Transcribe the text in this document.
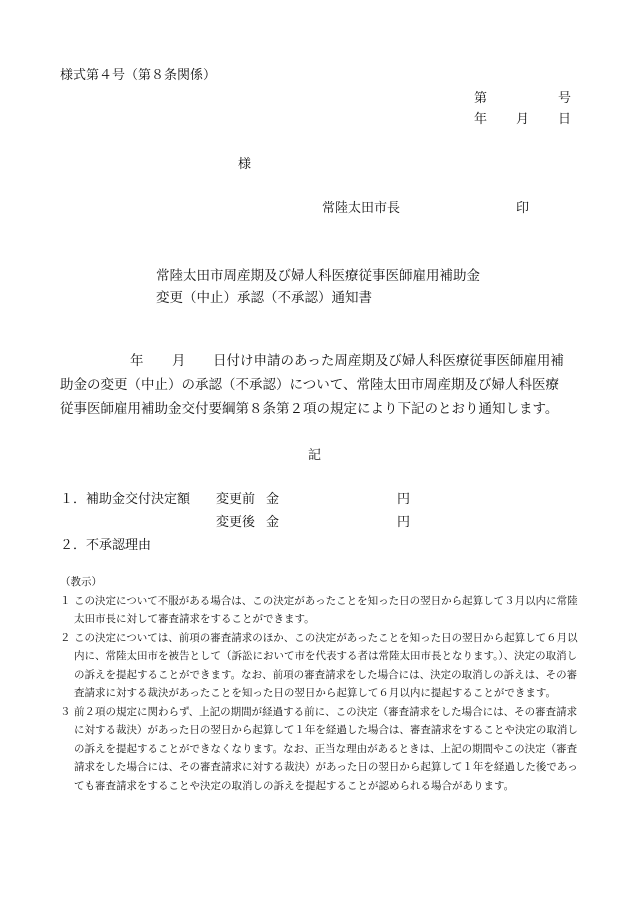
様式第４号（第８条関係）
第	号
年 月 日
様
常陸太田市長	印
常陸太田市周産期及び婦人科医療従事医師雇用補助金
変更（中止）承認（不承認）通知書
年 月 日付け申請のあった周産期及び婦人科医療従事医師雇用補
助金の変更（中止）の承認（不承認）について、常陸太田市周産期及び婦人科医療
従事医師雇用補助金交付要綱第８条第２項の規定により下記のとおり通知します。
記
１．補助金交付決定額 変更前 金	円
変更後 金	円
２．不承認理由
（教示）
１ この決定について不服がある場合は、この決定があったことを知った日の翌日から起算して３月以内に常陸太田市長に対して審査請求をすることができます。
２ この決定については、前項の審査請求のほか、この決定があったことを知った日の翌日から起算して６月以内に、常陸太田市を被告として（訴訟において市を代表する者は常陸太田市長となります。）、決定の取消しの訴えを提起することができます。なお、前項の審査請求をした場合には、決定の取消しの訴えは、その審査請求に対する裁決があったことを知った日の翌日から起算して６月以内に提起することができます。
３ 前２項の規定に関わらず、上記の期間が経過する前に、この決定（審査請求をした場合には、その審査請求に対する裁決）があった日の翌日から起算して１年を経過した場合は、審査請求をすることや決定の取消しの訴えを提起することができなくなります。なお、正当な理由があるときは、上記の期間やこの決定（審査請求をした場合には、その審査請求に対する裁決）があった日の翌日から起算して１年を経過した後であっても審査請求をすることや決定の取消しの訴えを提起することが認められる場合があります。
